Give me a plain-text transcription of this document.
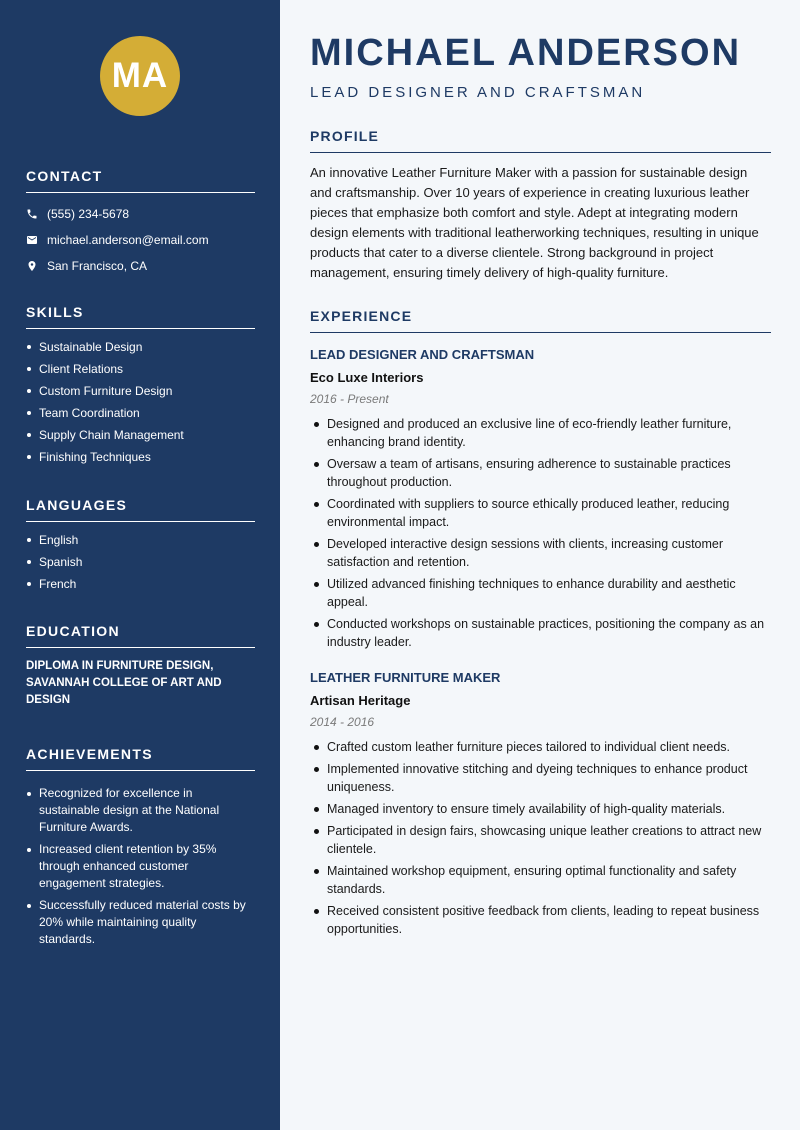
MA
CONTACT
(555) 234-5678
michael.anderson@email.com
San Francisco, CA
SKILLS
Sustainable Design
Client Relations
Custom Furniture Design
Team Coordination
Supply Chain Management
Finishing Techniques
LANGUAGES
English
Spanish
French
EDUCATION
DIPLOMA IN FURNITURE DESIGN, SAVANNAH COLLEGE OF ART AND DESIGN
ACHIEVEMENTS
Recognized for excellence in sustainable design at the National Furniture Awards.
Increased client retention by 35% through enhanced customer engagement strategies.
Successfully reduced material costs by 20% while maintaining quality standards.
MICHAEL ANDERSON
LEAD DESIGNER AND CRAFTSMAN
PROFILE
An innovative Leather Furniture Maker with a passion for sustainable design and craftsmanship. Over 10 years of experience in creating luxurious leather pieces that emphasize both comfort and style. Adept at integrating modern design elements with traditional leatherworking techniques, resulting in unique products that cater to a diverse clientele. Strong background in project management, ensuring timely delivery of high-quality furniture.
EXPERIENCE
LEAD DESIGNER AND CRAFTSMAN
Eco Luxe Interiors
2016 - Present
Designed and produced an exclusive line of eco-friendly leather furniture, enhancing brand identity.
Oversaw a team of artisans, ensuring adherence to sustainable practices throughout production.
Coordinated with suppliers to source ethically produced leather, reducing environmental impact.
Developed interactive design sessions with clients, increasing customer satisfaction and retention.
Utilized advanced finishing techniques to enhance durability and aesthetic appeal.
Conducted workshops on sustainable practices, positioning the company as an industry leader.
LEATHER FURNITURE MAKER
Artisan Heritage
2014 - 2016
Crafted custom leather furniture pieces tailored to individual client needs.
Implemented innovative stitching and dyeing techniques to enhance product uniqueness.
Managed inventory to ensure timely availability of high-quality materials.
Participated in design fairs, showcasing unique leather creations to attract new clientele.
Maintained workshop equipment, ensuring optimal functionality and safety standards.
Received consistent positive feedback from clients, leading to repeat business opportunities.
